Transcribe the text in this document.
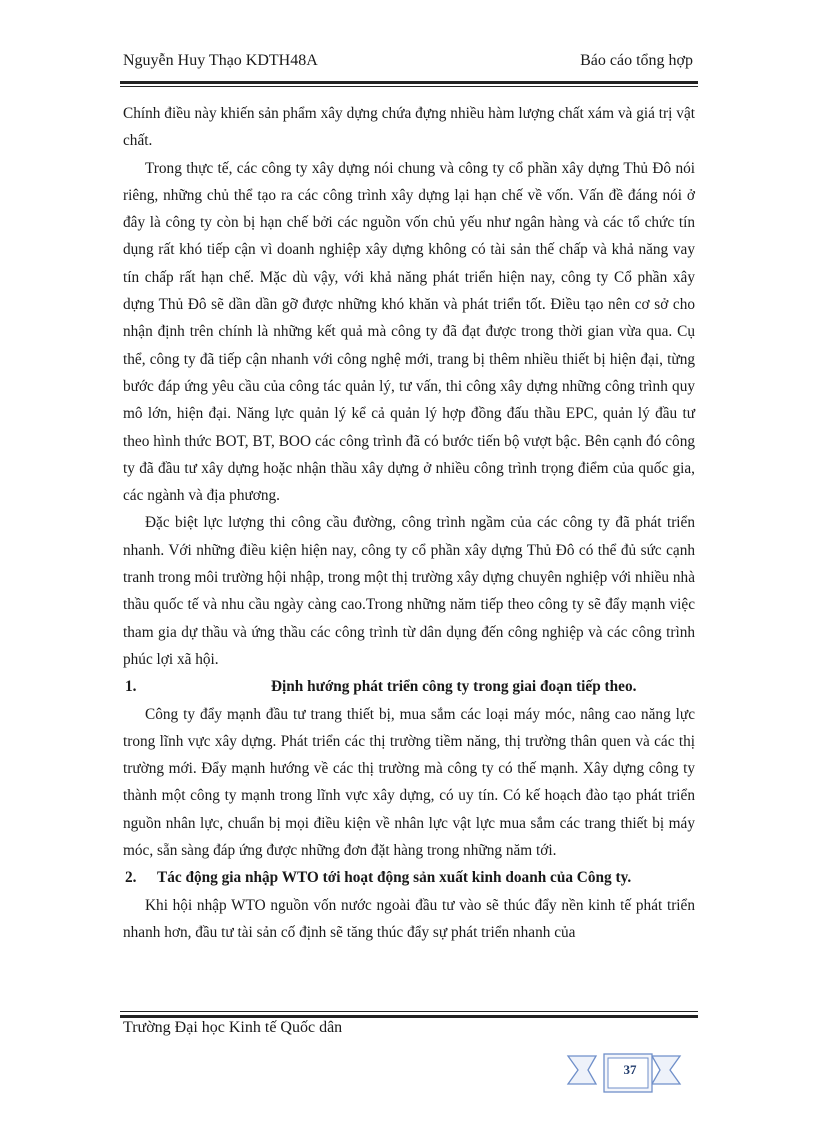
Nguyễn Huy Thạo KDTH48A	Báo cáo tổng hợp

Chính điều này khiến sản phẩm xây dựng chứa đựng nhiều hàm lượng chất xám và giá trị vật chất.

Trong thực tế, các công ty xây dựng nói chung và công ty cổ phần xây dựng Thủ Đô nói riêng, những chủ thể tạo ra các công trình xây dựng lại hạn chế về vốn. Vấn đề đáng nói ở đây là công ty còn bị hạn chế bởi các nguồn vốn chủ yếu như ngân hàng và các tổ chức tín dụng rất khó tiếp cận vì doanh nghiệp xây dựng không có tài sản thế chấp và khả năng vay tín chấp rất hạn chế. Mặc dù vậy, với khả năng phát triển hiện nay, công ty Cổ phần xây dựng Thủ Đô sẽ dần dần gỡ được những khó khăn và phát triển tốt. Điều tạo nên cơ sở cho nhận định trên chính là những kết quả mà công ty đã đạt được trong thời gian vừa qua. Cụ thể, công ty đã tiếp cận nhanh với công nghệ mới, trang bị thêm nhiều thiết bị hiện đại, từng bước đáp ứng yêu cầu của công tác quản lý, tư vấn, thi công xây dựng những công trình quy mô lớn, hiện đại. Năng lực quản lý kể cả quản lý hợp đồng đấu thầu EPC, quản lý đầu tư theo hình thức BOT, BT, BOO các công trình đã có bước tiến bộ vượt bậc. Bên cạnh đó công ty đã đầu tư xây dựng hoặc nhận thầu xây dựng ở nhiều công trình trọng điểm của quốc gia, các ngành và địa phương.

Đặc biệt lực lượng thi công cầu đường, công trình ngầm của các công ty đã phát triển nhanh. Với những điều kiện hiện nay, công ty cổ phần xây dựng Thủ Đô có thể đủ sức cạnh tranh trong môi trường hội nhập, trong một thị trường xây dựng chuyên nghiệp với nhiều nhà thầu quốc tế và nhu cầu ngày càng cao.Trong những năm tiếp theo công ty sẽ đẩy mạnh việc tham gia dự thầu và ứng thầu các công trình từ dân dụng đến công nghiệp và các công trình phúc lợi xã hội.

1.	Định hướng phát triển công ty trong giai đoạn tiếp theo.

Công ty đẩy mạnh đầu tư trang thiết bị, mua sắm các loại máy móc, nâng cao năng lực trong lĩnh vực xây dựng. Phát triển các thị trường tiềm năng, thị trường thân quen và các thị trường mới. Đẩy mạnh hướng về các thị trường mà công ty có thế mạnh. Xây dựng công ty thành một công ty mạnh trong lĩnh vực xây dựng, có uy tín. Có kế hoạch đào tạo phát triển nguồn nhân lực, chuẩn bị mọi điều kiện về nhân lực vật lực mua sắm các trang thiết bị máy móc, sẵn sàng đáp ứng được những đơn đặt hàng trong những năm tới.

2. Tác động gia nhập WTO tới hoạt động sản xuất kinh doanh của Công ty.

Khi hội nhập WTO nguồn vốn nước ngoài đầu tư vào sẽ thúc đẩy nền kinh tế phát triển nhanh hơn, đầu tư tài sản cố định sẽ tăng thúc đẩy sự phát triển nhanh của

Trường Đại học Kinh tế Quốc dân
37
